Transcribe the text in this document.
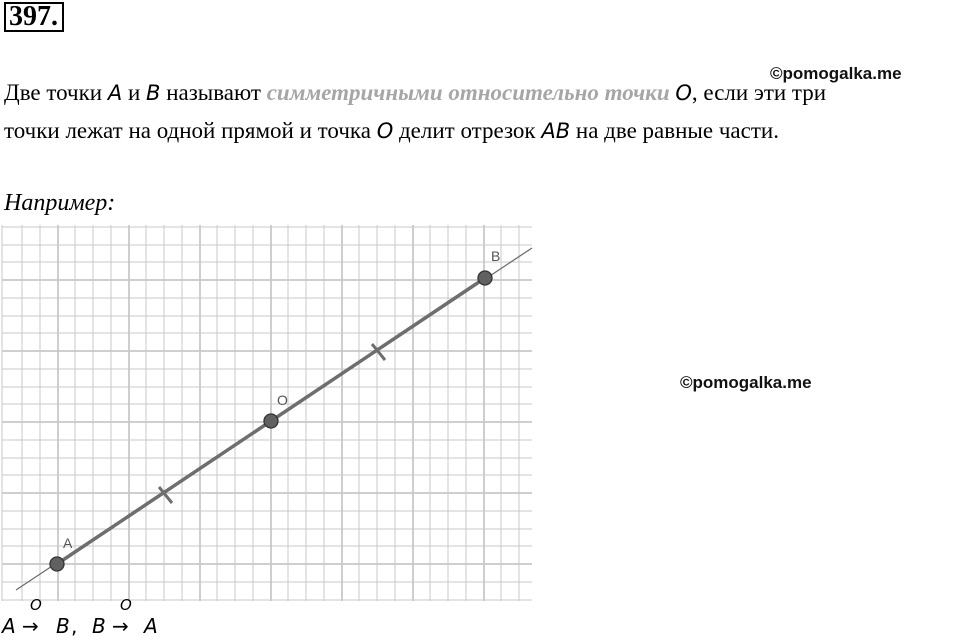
397.
©pomogalka.me
Две точки A и B называют симметричными относительно точки O, если эти три
точки лежат на одной прямой и точка O делит отрезок AB на две равные части.
Например:
©pomogalka.me
A
O
B
O
A → B ,
O
B → A
